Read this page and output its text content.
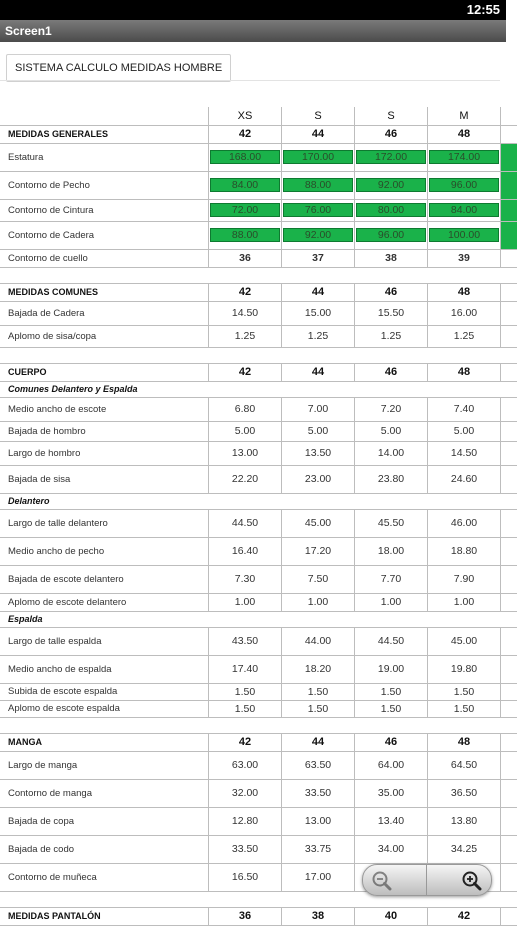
12:55
Screen1
SISTEMA CALCULO MEDIDAS HOMBRE
	XS	S	S	M	
MEDIDAS GENERALES	42	44	46	48	
Estatura	168.00	170.00	172.00	174.00	

Contorno de Pecho	84.00	88.00	92.00	96.00	

Contorno de Cintura	72.00	76.00	80.00	84.00	

Contorno de Cadera	88.00	92.00	96.00	100.00	

Contorno de cuello	36	37	38	39	

MEDIDAS COMUNES	42	44	46	48	
Bajada de Cadera	14.50	15.00	15.50	16.00	
Aplomo de sisa/copa	1.25	1.25	1.25	1.25	

CUERPO	42	44	46	48	
Comunes Delantero y Espalda					
Medio ancho de escote	6.80	7.00	7.20	7.40	
Bajada de hombro	5.00	5.00	5.00	5.00	
Largo de hombro	13.00	13.50	14.00	14.50	
Bajada de sisa	22.20	23.00	23.80	24.60	
Delantero					
Largo de talle delantero	44.50	45.00	45.50	46.00	
Medio ancho de pecho	16.40	17.20	18.00	18.80	
Bajada de escote delantero	7.30	7.50	7.70	7.90	
Aplomo de escote delantero	1.00	1.00	1.00	1.00	
Espalda					
Largo de talle espalda	43.50	44.00	44.50	45.00	
Medio ancho de espalda	17.40	18.20	19.00	19.80	
Subida de escote espalda	1.50	1.50	1.50	1.50	
Aplomo de escote espalda	1.50	1.50	1.50	1.50	

MANGA	42	44	46	48	
Largo de manga	63.00	63.50	64.00	64.50	
Contorno de manga	32.00	33.50	35.00	36.50	
Bajada de copa	12.80	13.00	13.40	13.80	
Bajada de codo	33.50	33.75	34.00	34.25	
Contorno de muñeca	16.50	17.00			

MEDIDAS PANTALÓN	36	38	40	42	
